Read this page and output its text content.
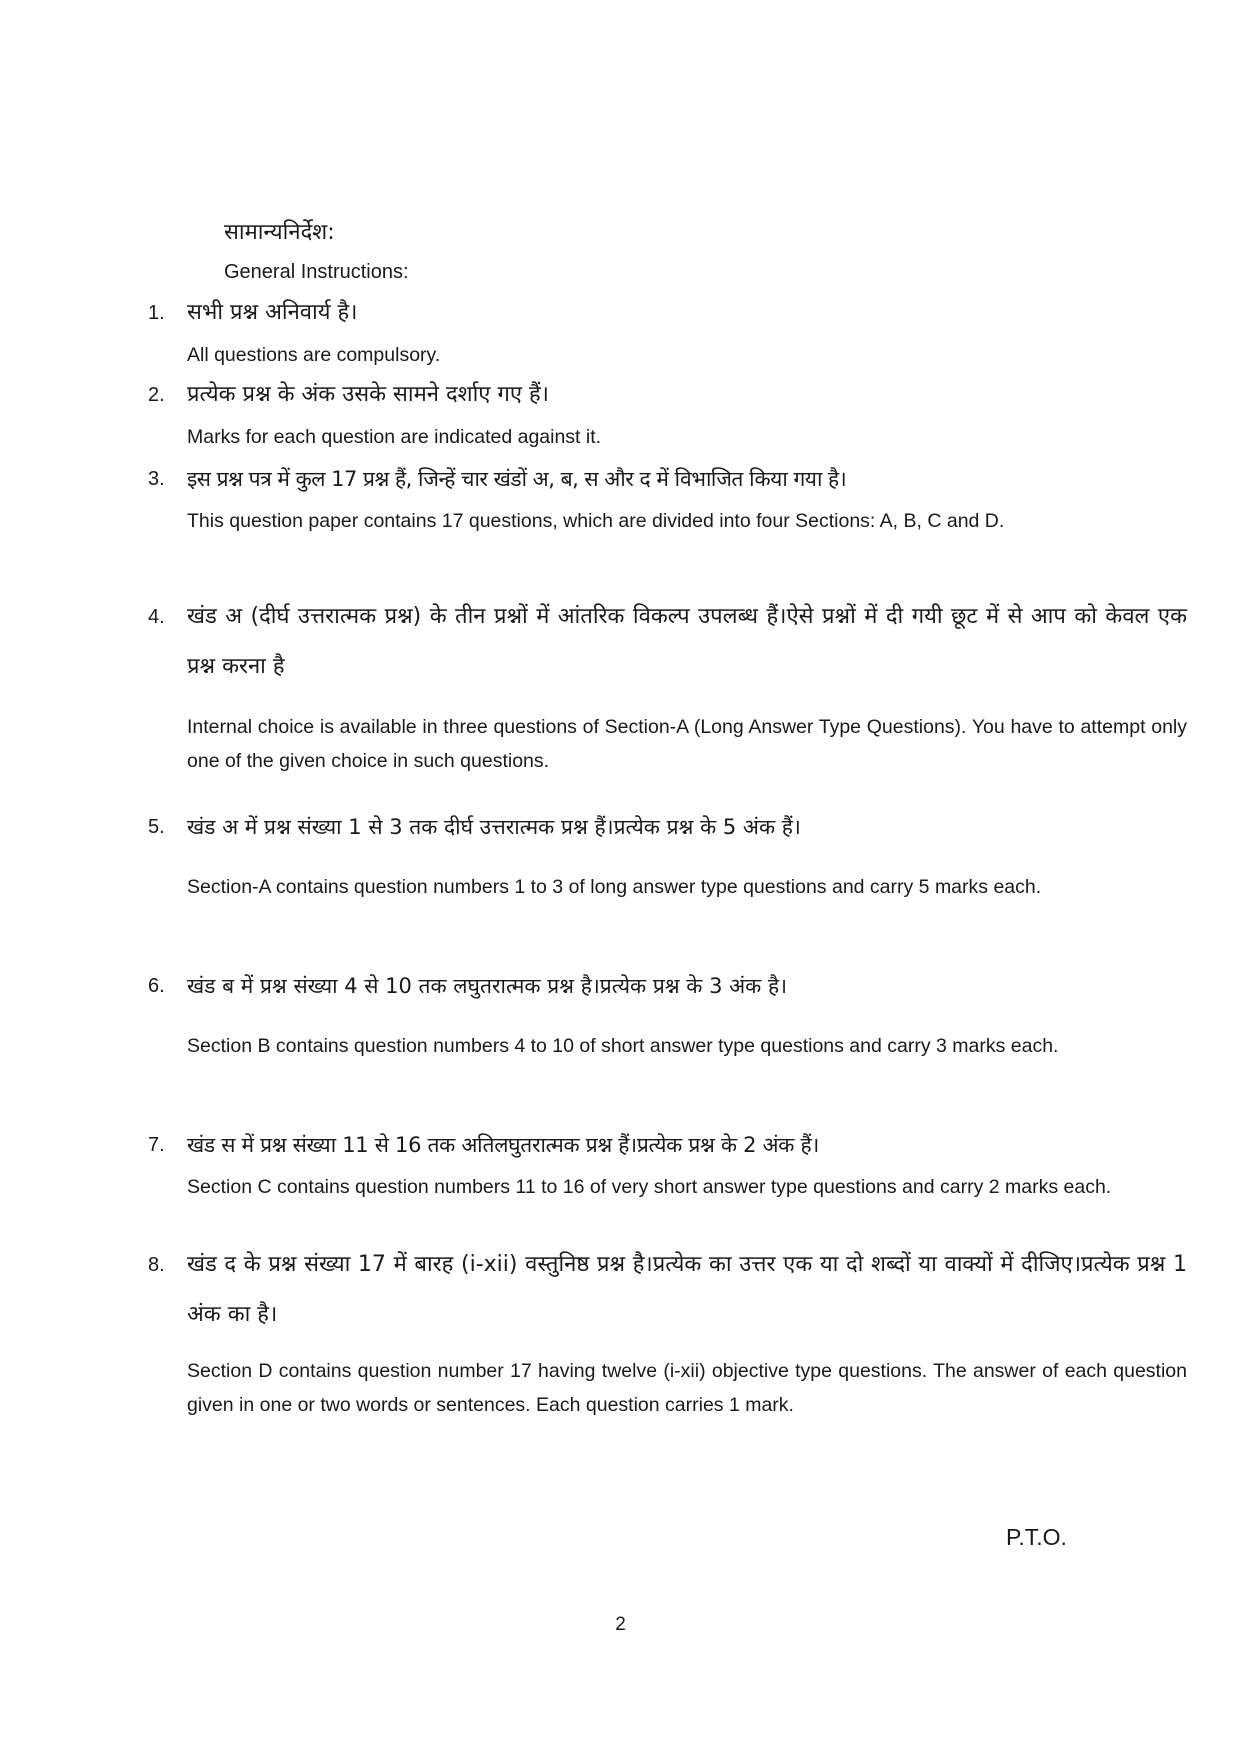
सामान्यनिर्देश:
General Instructions:
1. सभी प्रश्न अनिवार्य है।
All questions are compulsory.
2. प्रत्येक प्रश्न के अंक उसके सामने दर्शाए गए हैं।
Marks for each question are indicated against it.
3. इस प्रश्न पत्र में कुल 17 प्रश्न हैं, जिन्हें चार खंडों अ, ब, स और द में विभाजित किया गया है।
This question paper contains 17 questions, which are divided into four Sections: A, B, C and D.
4. खंड अ (दीर्घ उत्तरात्मक प्रश्न) के तीन प्रश्नों में आंतरिक विकल्प उपलब्ध हैं।ऐसे प्रश्नों में दी गयी छूट में से आप को केवल एक प्रश्न करना है
Internal choice is available in three questions of Section-A (Long Answer Type Questions). You have to attempt only one of the given choice in such questions.
5. खंड अ में प्रश्न संख्या 1 से 3 तक दीर्घ उत्तरात्मक प्रश्न हैं।प्रत्येक प्रश्न के 5 अंक हैं।
Section-A contains question numbers 1 to 3 of long answer type questions and carry 5 marks each.
6. खंड ब में प्रश्न संख्या 4 से 10 तक लघुतरात्मक प्रश्न है।प्रत्येक प्रश्न के 3 अंक है।
Section B contains question numbers 4 to 10 of short answer type questions and carry 3 marks each.
7. खंड स में प्रश्न संख्या 11 से 16 तक अतिलघुतरात्मक प्रश्न हैं।प्रत्येक प्रश्न के 2 अंक हैं।
Section C contains question numbers 11 to 16 of very short answer type questions and carry 2 marks each.
8. खंड द के प्रश्न संख्या 17 में बारह (i-xii) वस्तुनिष्ठ प्रश्न है।प्रत्येक का उत्तर एक या दो शब्दों या वाक्यों में दीजिए।प्रत्येक प्रश्न 1 अंक का है।
Section D contains question number 17 having twelve (i-xii) objective type questions. The answer of each question given in one or two words or sentences. Each question carries 1 mark.
P.T.O.
2
